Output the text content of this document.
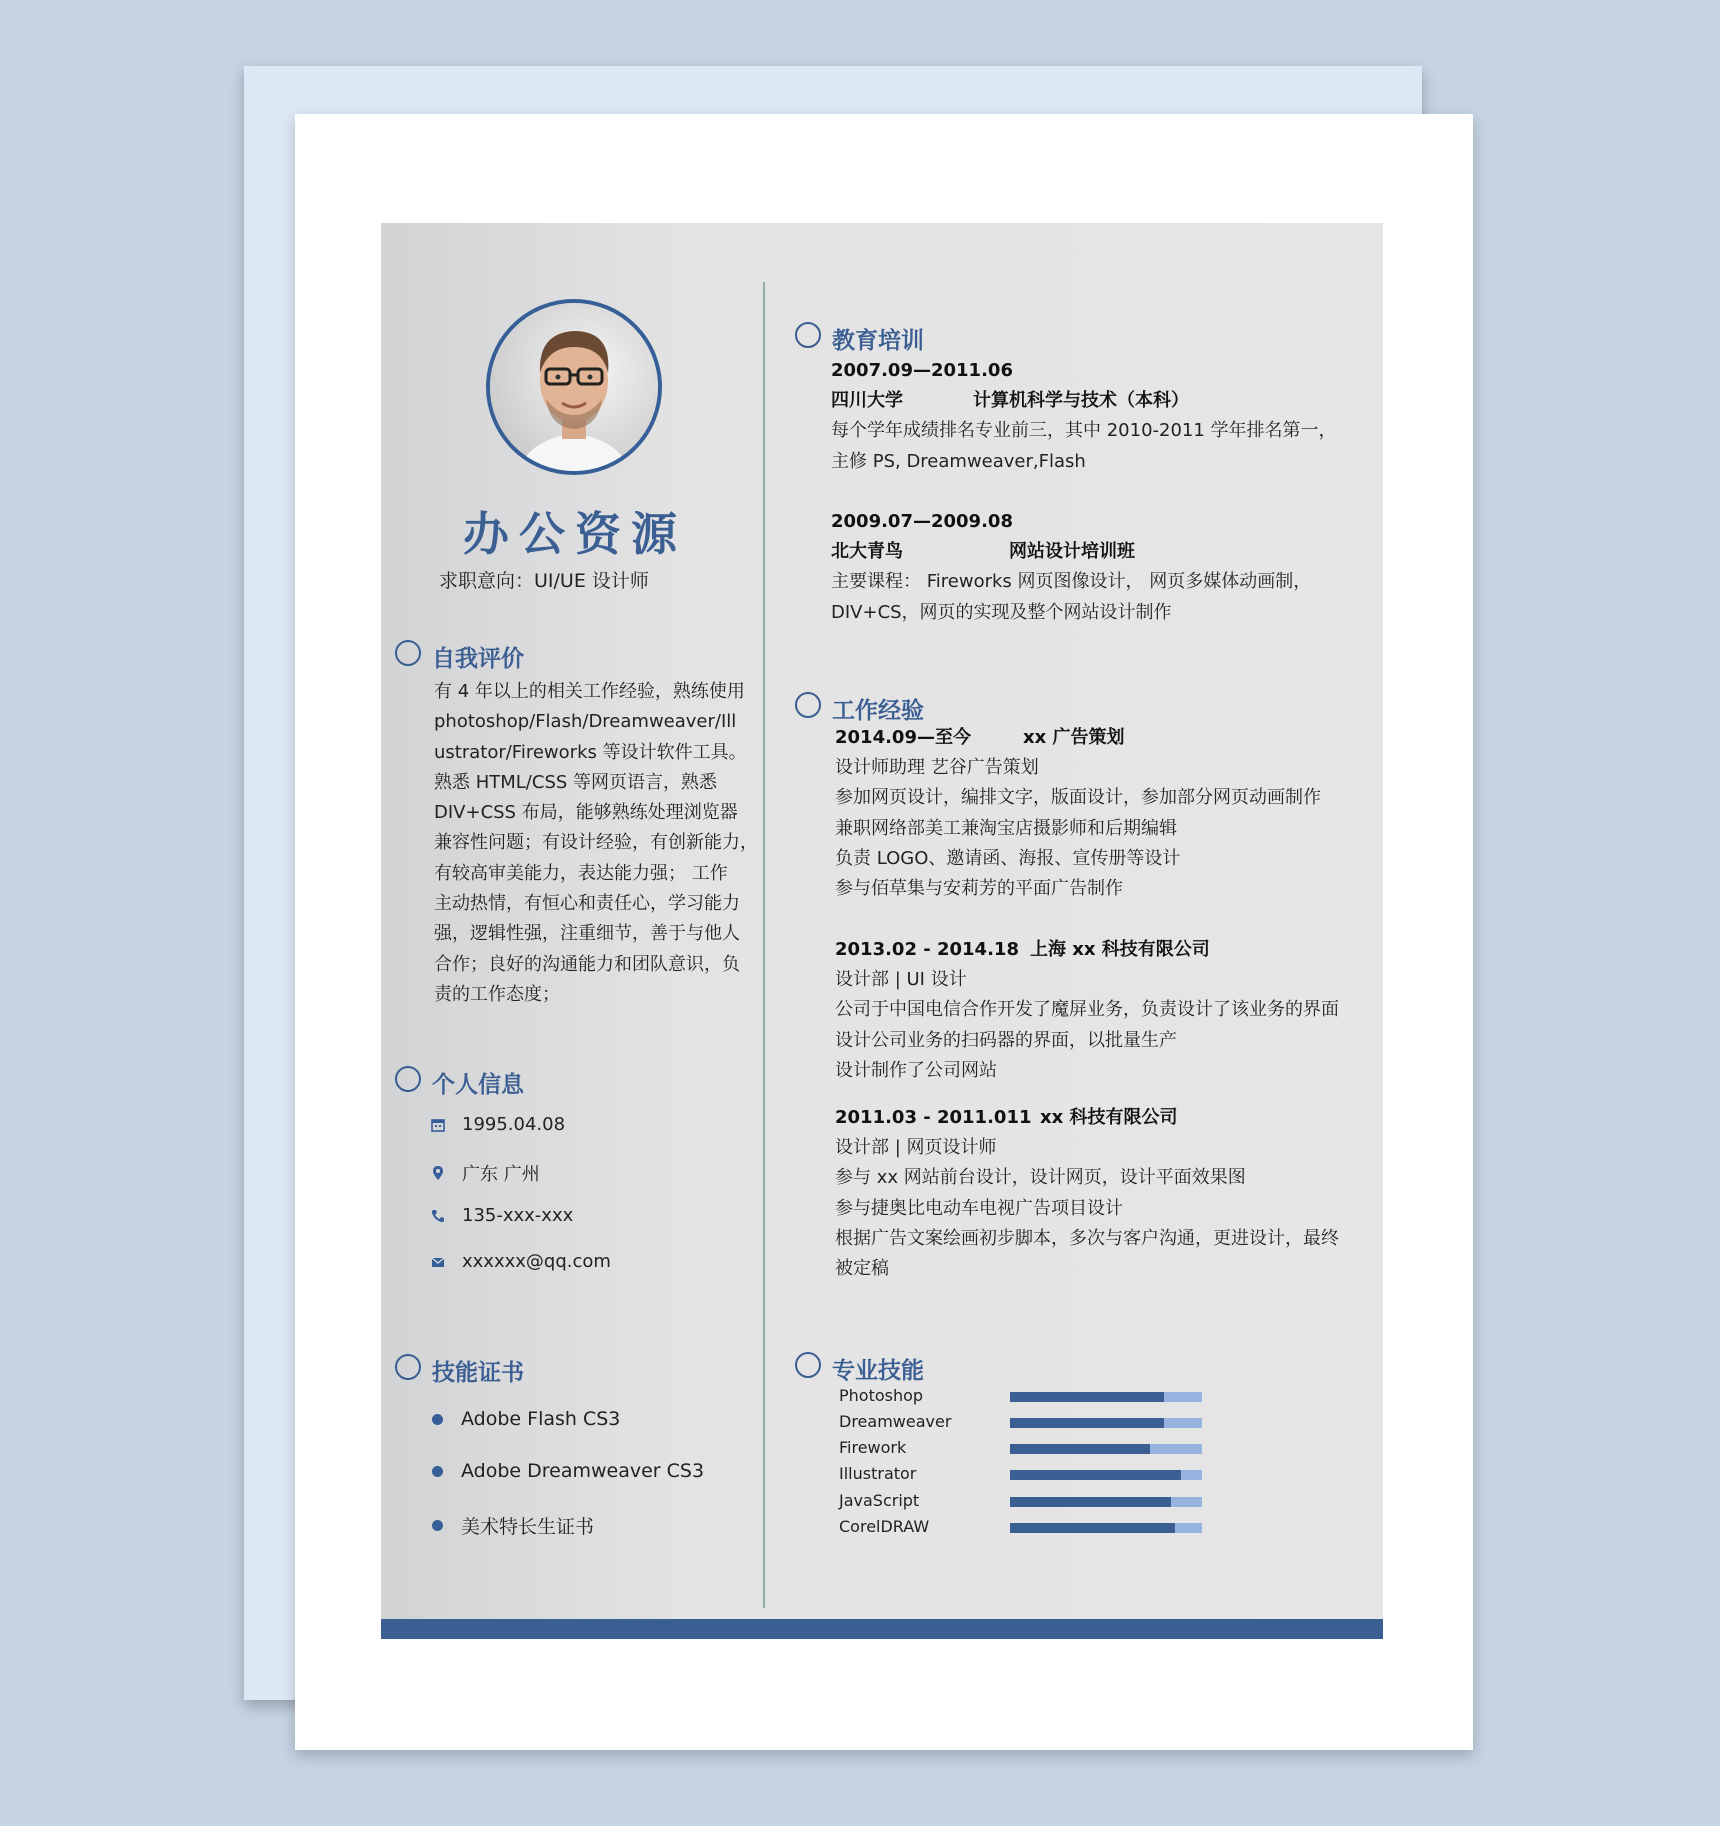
办公资源
求职意向：UI/UE 设计师
自我评价
有 4 年以上的相关工作经验，熟练使用
photoshop/Flash/Dreamweaver/Ill
ustrator/Fireworks 等设计软件工具。
熟悉 HTML/CSS 等网页语言，熟悉
DIV+CSS 布局，能够熟练处理浏览器
兼容性问题；有设计经验，有创新能力，
有较高审美能力，表达能力强； 工作
主动热情，有恒心和责任心，学习能力
强，逻辑性强，注重细节，善于与他人
合作；良好的沟通能力和团队意识，负
责的工作态度；
个人信息
1995.04.08
广东 广州
135-xxx-xxx
xxxxxx@qq.com
技能证书
Adobe Flash CS3
Adobe Dreamweaver CS3
美术特长生证书
教育培训
2007.09—2011.06
四川大学	计算机科学与技术（本科）
每个学年成绩排名专业前三，其中 2010-2011 学年排名第一，
主修 PS, Dreamweaver,Flash
2009.07—2009.08
北大青鸟	网站设计培训班
主要课程： Fireworks 网页图像设计， 网页多媒体动画制，
DIV+CS，网页的实现及整个网站设计制作
工作经验
2014.09—至今	xx 广告策划
设计师助理 艺谷广告策划
参加网页设计，编排文字，版面设计，参加部分网页动画制作
兼职网络部美工兼淘宝店摄影师和后期编辑
负责 LOGO、邀请函、海报、宣传册等设计
参与佰草集与安莉芳的平面广告制作
2013.02 - 2014.18 上海 xx 科技有限公司
设计部 | UI 设计
公司于中国电信合作开发了魔屏业务，负责设计了该业务的界面
设计公司业务的扫码器的界面，以批量生产
设计制作了公司网站
2011.03 - 2011.011 xx 科技有限公司
设计部 | 网页设计师
参与 xx 网站前台设计，设计网页，设计平面效果图
参与捷奥比电动车电视广告项目设计
根据广告文案绘画初步脚本，多次与客户沟通，更进设计，最终
被定稿
专业技能
Photoshop
Dreamweaver
Firework
Illustrator
JavaScript
CorelDRAW
